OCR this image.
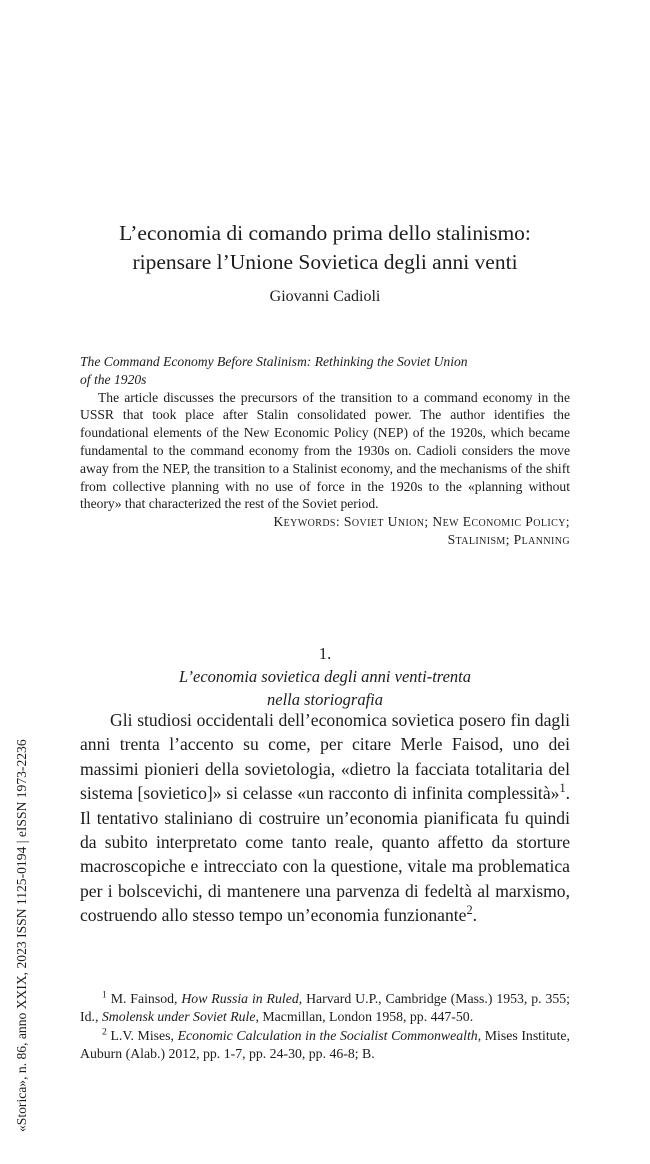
L’economia di comando prima dello stalinismo:
ripensare l’Unione Sovietica degli anni venti
Giovanni Cadioli
The Command Economy Before Stalinism: Rethinking the Soviet Union
of the 1920s

The article discusses the precursors of the transition to a command economy in the USSR that took place after Stalin consolidated power. The author identifies the foundational elements of the New Economic Policy (NEP) of the 1920s, which became fundamental to the command economy from the 1930s on. Cadioli considers the move away from the NEP, the transition to a Stalinist economy, and the mechanisms of the shift from collective planning with no use of force in the 1920s to the «planning without theory» that characterized the rest of the Soviet period.

Keywords: Soviet Union; New Economic Policy;
Stalinism; Planning
1.
L’economia sovietica degli anni venti-trenta
nella storiografia

Gli studiosi occidentali dell’economica sovietica posero fin dagli anni trenta l’accento su come, per citare Merle Faisod, uno dei massimi pionieri della sovietologia, «dietro la facciata totalitaria del sistema [sovietico]» si celasse «un racconto di infinita complessità»$^1$. Il tentativo staliniano di costruire un’economia pianificata fu quindi da subito interpretato come tanto reale, quanto affetto da storture macroscopiche e intrecciato con la questione, vitale ma problematica per i bolscevichi, di mantenere una parvenza di fedeltà al marxismo, costruendo allo stesso tempo un’economia funzionante$^2$.

$^1$ M. Fainsod, How Russia in Ruled, Harvard U.P., Cambridge (Mass.) 1953, p. 355; Id., Smolensk under Soviet Rule, Macmillan, London 1958, pp. 447-50.

$^2$ L.V. Mises, Economic Calculation in the Socialist Commonwealth, Mises Institute, Auburn (Alab.) 2012, pp. 1-7, pp. 24-30, pp. 46-8; B.

«Storica», n. 86, anno XXIX, 2023 ISSN 1125-0194 | eISSN 1973-2236
